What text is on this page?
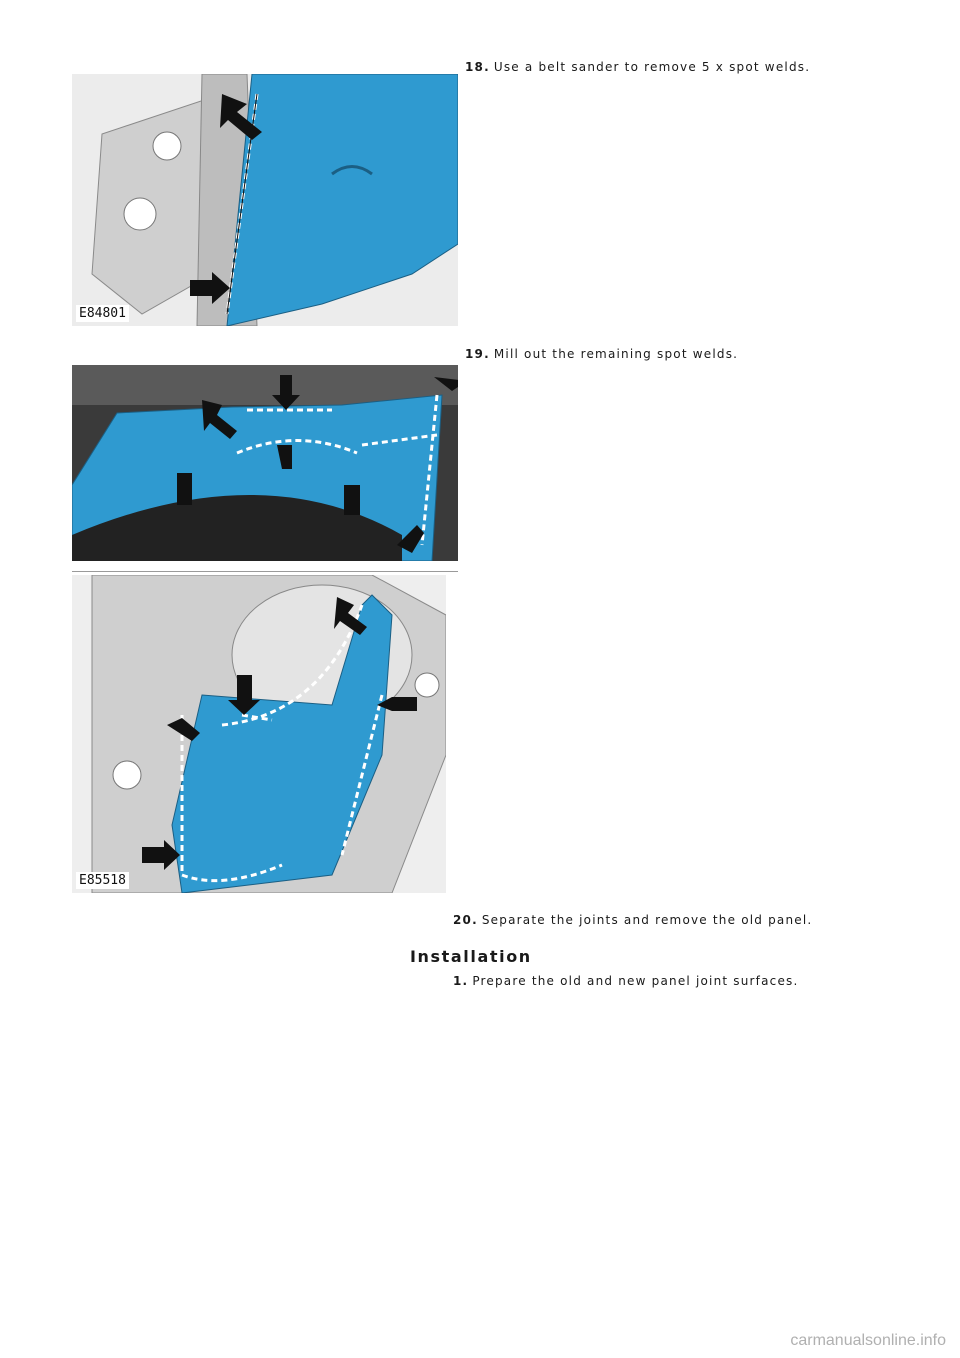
18. Use a belt sander to remove 5 x spot welds.
E84801
19. Mill out the remaining spot welds.
E85518
20. Separate the joints and remove the old panel.
Installation
1. Prepare the old and new panel joint surfaces.
carmanualsonline.info
